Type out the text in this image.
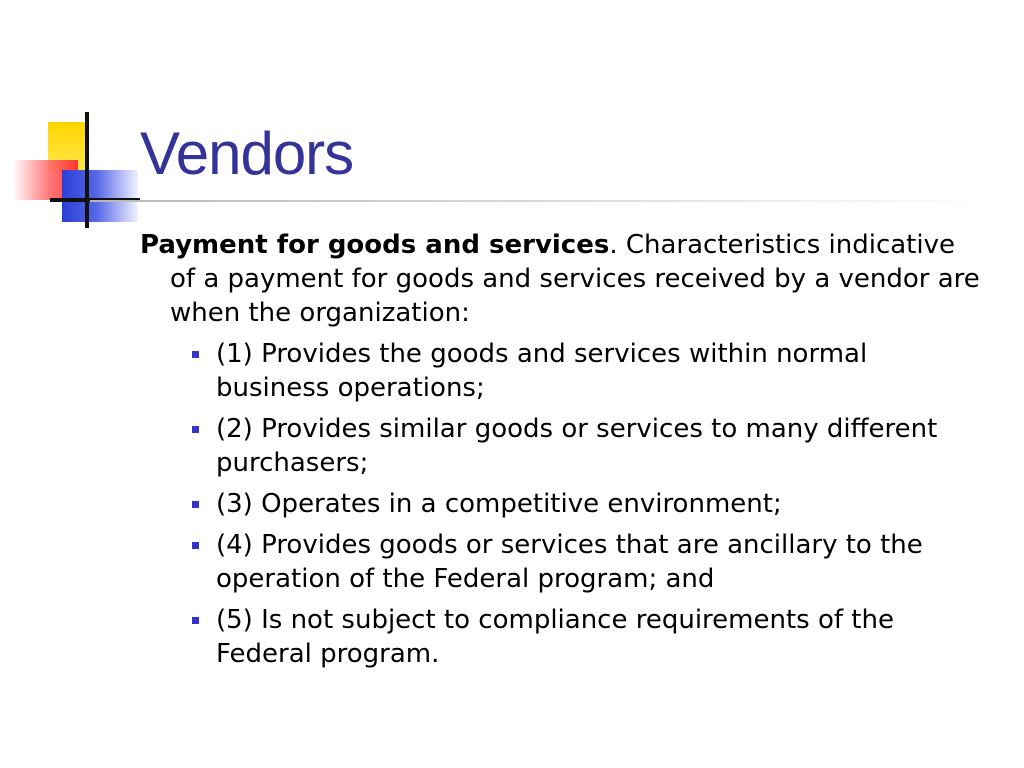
Vendors

Payment for goods and services. Characteristics indicative of a payment for goods and services received by a vendor are when the organization:

(1) Provides the goods and services within normal business operations;
(2) Provides similar goods or services to many different purchasers;
(3) Operates in a competitive environment;
(4) Provides goods or services that are ancillary to the operation of the Federal program; and
(5) Is not subject to compliance requirements of the Federal program.
